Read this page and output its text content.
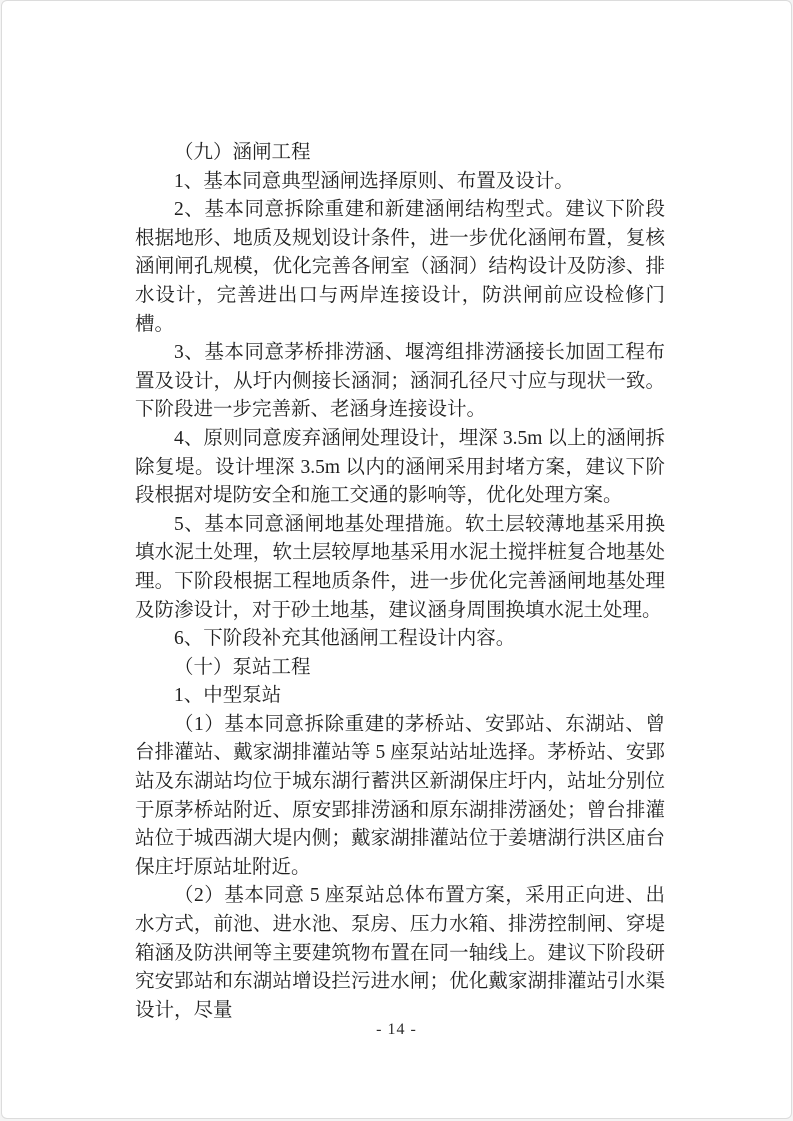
（九）涵闸工程

1、基本同意典型涵闸选择原则、布置及设计。

2、基本同意拆除重建和新建涵闸结构型式。建议下阶段根据地形、地质及规划设计条件，进一步优化涵闸布置，复核涵闸闸孔规模，优化完善各闸室（涵洞）结构设计及防渗、排水设计，完善进出口与两岸连接设计，防洪闸前应设检修门槽。

3、基本同意茅桥排涝涵、堰湾组排涝涵接长加固工程布置及设计，从圩内侧接长涵洞；涵洞孔径尺寸应与现状一致。下阶段进一步完善新、老涵身连接设计。

4、原则同意废弃涵闸处理设计，埋深 3.5m 以上的涵闸拆除复堤。设计埋深 3.5m 以内的涵闸采用封堵方案，建议下阶段根据对堤防安全和施工交通的影响等，优化处理方案。

5、基本同意涵闸地基处理措施。软土层较薄地基采用换填水泥土处理，软土层较厚地基采用水泥土搅拌桩复合地基处理。下阶段根据工程地质条件，进一步优化完善涵闸地基处理及防渗设计，对于砂土地基，建议涵身周围换填水泥土处理。

6、下阶段补充其他涵闸工程设计内容。

（十）泵站工程

1、中型泵站

（1）基本同意拆除重建的茅桥站、安郢站、东湖站、曾台排灌站、戴家湖排灌站等 5 座泵站站址选择。茅桥站、安郢站及东湖站均位于城东湖行蓄洪区新湖保庄圩内，站址分别位于原茅桥站附近、原安郢排涝涵和原东湖排涝涵处；曾台排灌站位于城西湖大堤内侧；戴家湖排灌站位于姜塘湖行洪区庙台保庄圩原站址附近。

（2）基本同意 5 座泵站总体布置方案，采用正向进、出水方式，前池、进水池、泵房、压力水箱、排涝控制闸、穿堤箱涵及防洪闸等主要建筑物布置在同一轴线上。建议下阶段研究安郢站和东湖站增设拦污进水闸；优化戴家湖排灌站引水渠设计，尽量

- 14 -
